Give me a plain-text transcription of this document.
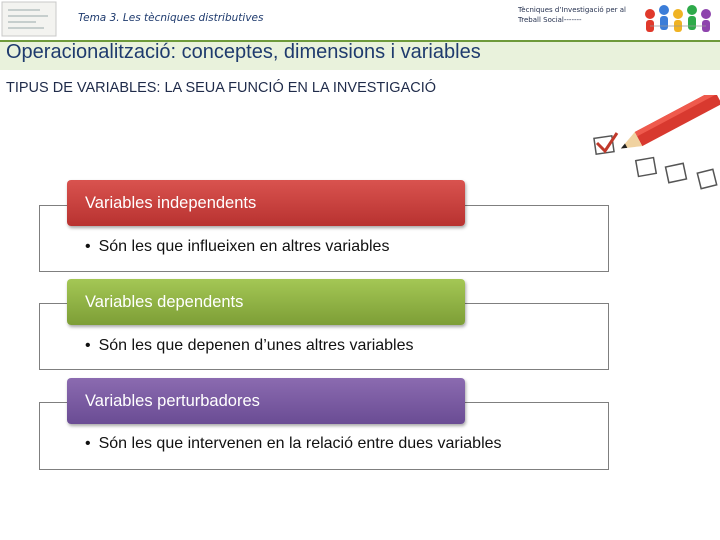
Tema 3. Les tècniques distributives
Tècniques d’Investigació per al Treball Social-------
Operacionalització: conceptes, dimensions i variables
TIPUS DE VARIABLES: LA SEUA FUNCIÓ EN LA INVESTIGACIÓ
• Són les que influeixen en altres variables
Variables independents
• Són les que depenen d’unes altres variables
Variables dependents
• Són les que intervenen en la relació entre dues variables
Variables perturbadores
